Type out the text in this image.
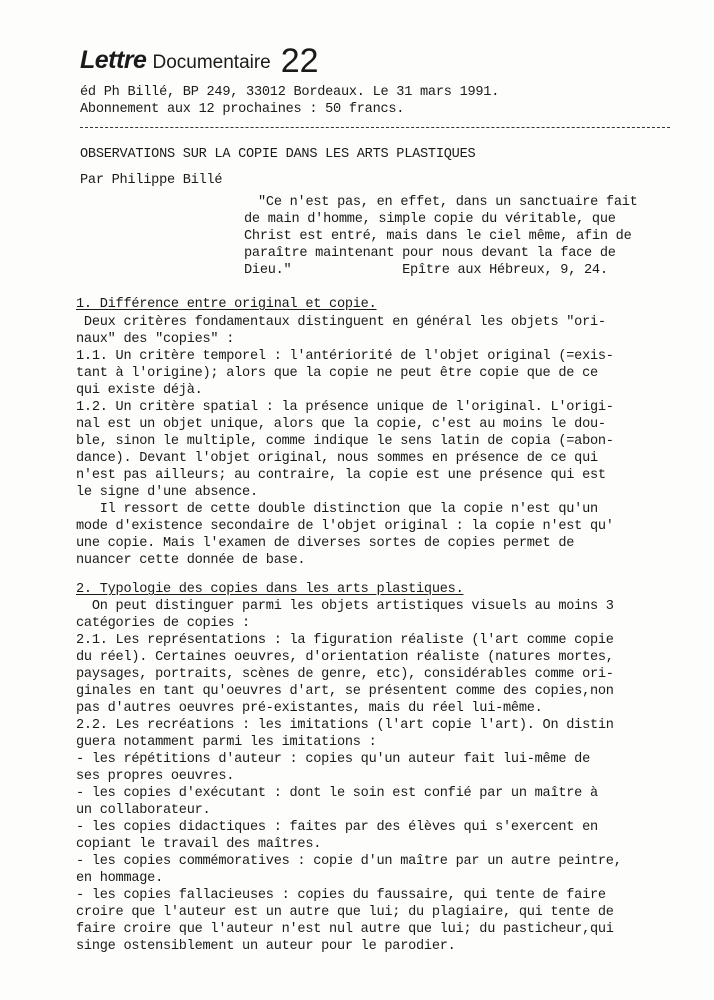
Lettre Documentaire 22
éd Ph Billé, BP 249, 33012 Bordeaux. Le 31 mars 1991.
Abonnement aux 12 prochaines : 50 francs.
OBSERVATIONS SUR LA COPIE DANS LES ARTS PLASTIQUES
Par Philippe Billé
"Ce n'est pas, en effet, dans un sanctuaire fait
de main d'homme, simple copie du véritable, que
Christ est entré, mais dans le ciel même, afin de
paraître maintenant pour nous devant la face de
Dieu."              Epître aux Hébreux, 9, 24.
1. Différence entre original et copie.
Deux critères fondamentaux distinguent en général les objets "ori-
naux" des "copies" :
1.1. Un critère temporel : l'antériorité de l'objet original (=exis-
tant à l'origine); alors que la copie ne peut être copie que de ce
qui existe déjà.
1.2. Un critère spatial : la présence unique de l'original. L'origi-
nal est un objet unique, alors que la copie, c'est au moins le dou-
ble, sinon le multiple, comme indique le sens latin de copia (=abon-
dance). Devant l'objet original, nous sommes en présence de ce qui
n'est pas ailleurs; au contraire, la copie est une présence qui est
le signe d'une absence.
Il ressort de cette double distinction que la copie n'est qu'un
mode d'existence secondaire de l'objet original : la copie n'est qu'
une copie. Mais l'examen de diverses sortes de copies permet de
nuancer cette donnée de base.
2. Typologie des copies dans les arts plastiques.
On peut distinguer parmi les objets artistiques visuels au moins 3
catégories de copies :
2.1. Les représentations : la figuration réaliste (l'art comme copie
du réel). Certaines oeuvres, d'orientation réaliste (natures mortes,
paysages, portraits, scènes de genre, etc), considérables comme ori-
ginales en tant qu'oeuvres d'art, se présentent comme des copies,non
pas d'autres oeuvres pré-existantes, mais du réel lui-même.
2.2. Les recréations : les imitations (l'art copie l'art). On distin
guera notamment parmi les imitations :
- les répétitions d'auteur : copies qu'un auteur fait lui-même de
ses propres oeuvres.
- les copies d'exécutant : dont le soin est confié par un maître à
un collaborateur.
- les copies didactiques : faites par des élèves qui s'exercent en
copiant le travail des maîtres.
- les copies commémoratives : copie d'un maître par un autre peintre,
en hommage.
- les copies fallacieuses : copies du faussaire, qui tente de faire
croire que l'auteur est un autre que lui; du plagiaire, qui tente de
faire croire que l'auteur n'est nul autre que lui; du pasticheur,qui
singe ostensiblement un auteur pour le parodier.
